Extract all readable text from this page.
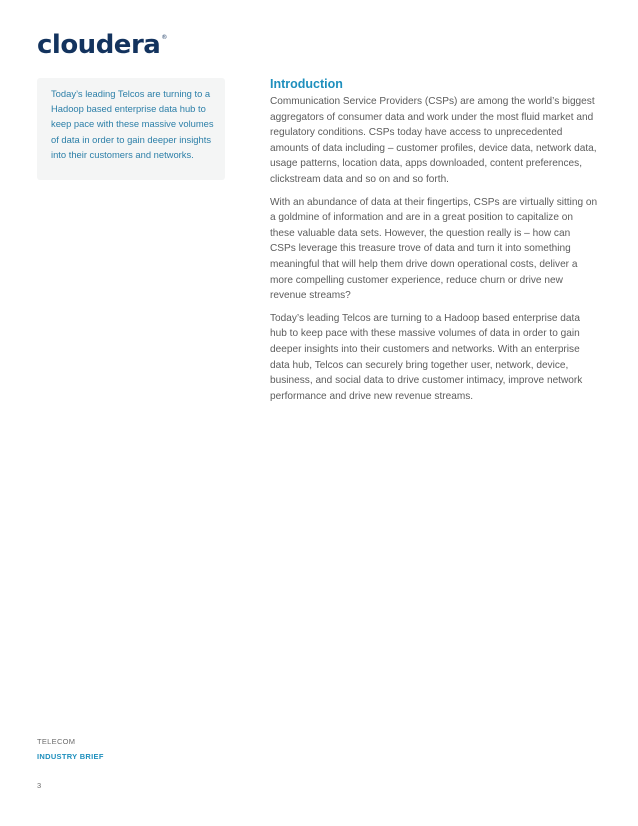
cloudera®

Today’s leading Telcos are turning to a Hadoop based enterprise data hub to keep pace with these massive volumes of data in order to gain deeper insights into their customers and networks.

Introduction

Communication Service Providers (CSPs) are among the world’s biggest aggregators of consumer data and work under the most fluid market and regulatory conditions. CSPs today have access to unprecedented amounts of data including – customer profiles, device data, network data, usage patterns, location data, apps downloaded, content preferences, clickstream data and so on and so forth.

With an abundance of data at their fingertips, CSPs are virtually sitting on a goldmine of information and are in a great position to capitalize on these valuable data sets. However, the question really is – how can CSPs leverage this treasure trove of data and turn it into something meaningful that will help them drive down operational costs, deliver a more compelling customer experience, reduce churn or drive new revenue streams?

Today’s leading Telcos are turning to a Hadoop based enterprise data hub to keep pace with these massive volumes of data in order to gain deeper insights into their customers and networks. With an enterprise data hub, Telcos can securely bring together user, network, device, business, and social data to drive customer intimacy, improve network performance and drive new revenue streams.

TELECOM
INDUSTRY BRIEF
3
